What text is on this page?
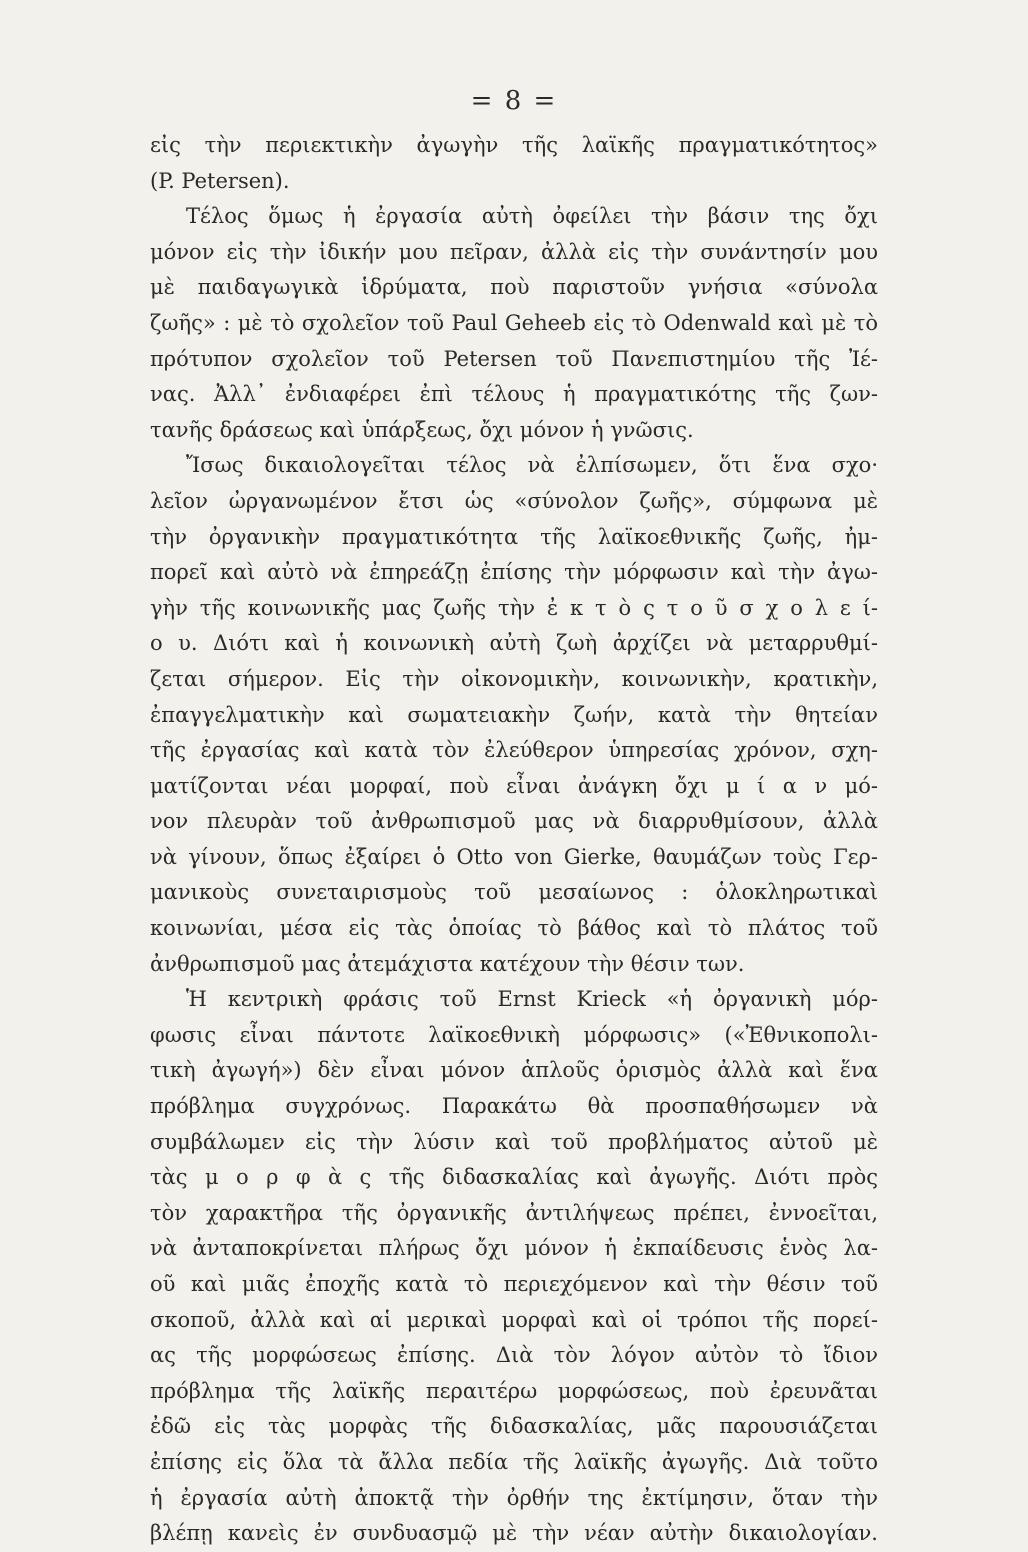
= 8 =
εἰς τὴν περιεκτικὴν ἀγωγὴν τῆς λαϊκῆς πραγματικότητος»
(P. Petersen).
Τέλος ὅμως ἡ ἐργασία αὐτὴ ὀφείλει τὴν βάσιν της ὄχι
μόνον εἰς τὴν ἰδικήν μου πεῖραν, ἀλλὰ εἰς τὴν συνάντησίν μου
μὲ παιδαγωγικὰ ἱδρύματα, ποὺ παριστοῦν γνήσια «σύνολα
ζωῆς» : μὲ τὸ σχολεῖον τοῦ Paul Geheeb εἰς τὸ Odenwald καὶ μὲ τὸ
πρότυπον σχολεῖον τοῦ Petersen τοῦ Πανεπιστημίου τῆς Ἰέ-
νας. Ἀλλ᾿ ἐνδιαφέρει ἐπὶ τέλους ἡ πραγματικότης τῆς ζων-
τανῆς δράσεως καὶ ὑπάρξεως, ὄχι μόνον ἡ γνῶσις.
Ἴσως δικαιολογεῖται τέλος νὰ ἐλπίσωμεν, ὅτι ἕνα σχο·
λεῖον ὠργανωμένον ἔτσι ὡς «σύνολον ζωῆς», σύμφωνα μὲ
τὴν ὀργανικὴν πραγματικότητα τῆς λαϊκοεθνικῆς ζωῆς, ἠμ-
πορεῖ καὶ αὐτὸ νὰ ἐπηρεάζῃ ἐπίσης τὴν μόρφωσιν καὶ τὴν ἀγω-
γὴν τῆς κοινωνικῆς μας ζωῆς τὴν ἐ κ τ ὸ ς τ ο ῦ σ χ ο λ ε ί-
ο υ. Διότι καὶ ἡ κοινωνικὴ αὐτὴ ζωὴ ἀρχίζει νὰ μεταρρυθμί-
ζεται σήμερον. Εἰς τὴν οἰκονομικὴν, κοινωνικὴν, κρατικὴν,
ἐπαγγελματικὴν καὶ σωματειακὴν ζωήν, κατὰ τὴν θητείαν
τῆς ἐργασίας καὶ κατὰ τὸν ἐλεύθερον ὑπηρεσίας χρόνον, σχη-
ματίζονται νέαι μορφαί, ποὺ εἶναι ἀνάγκη ὄχι μ ί α ν μό-
νον πλευρὰν τοῦ ἀνθρωπισμοῦ μας νὰ διαρρυθμίσουν, ἀλλὰ
νὰ γίνουν, ὅπως ἐξαίρει ὁ Otto von Gierke, θαυμάζων τοὺς Γερ-
μανικοὺς συνεταιρισμοὺς τοῦ μεσαίωνος : ὁλοκληρωτικαὶ
κοινωνίαι, μέσα εἰς τὰς ὁποίας τὸ βάθος καὶ τὸ πλάτος τοῦ
ἀνθρωπισμοῦ μας ἀτεμάχιστα κατέχουν τὴν θέσιν των.
Ἡ κεντρικὴ φράσις τοῦ Ernst Krieck «ἡ ὀργανικὴ μόρ-
φωσις εἶναι πάντοτε λαϊκοεθνικὴ μόρφωσις» («Ἐθνικοπολι-
τικὴ ἀγωγή») δὲν εἶναι μόνον ἁπλοῦς ὁρισμὸς ἀλλὰ καὶ ἕνα
πρόβλημα συγχρόνως. Παρακάτω θὰ προσπαθήσωμεν νὰ
συμβάλωμεν εἰς τὴν λύσιν καὶ τοῦ προβλήματος αὐτοῦ μὲ
τὰς μ ο ρ φ ὰ ς τῆς διδασκαλίας καὶ ἀγωγῆς. Διότι πρὸς
τὸν χαρακτῆρα τῆς ὀργανικῆς ἀντιλήψεως πρέπει, ἐννοεῖται,
νὰ ἀνταποκρίνεται πλήρως ὄχι μόνον ἡ ἐκπαίδευσις ἑνὸς λα-
οῦ καὶ μιᾶς ἐποχῆς κατὰ τὸ περιεχόμενον καὶ τὴν θέσιν τοῦ
σκοποῦ, ἀλλὰ καὶ αἱ μερικαὶ μορφαὶ καὶ οἱ τρόποι τῆς πορεί-
ας τῆς μορφώσεως ἐπίσης. Διὰ τὸν λόγον αὐτὸν τὸ ἴδιον
πρόβλημα τῆς λαϊκῆς περαιτέρω μορφώσεως, ποὺ ἐρευνᾶται
ἐδῶ εἰς τὰς μορφὰς τῆς διδασκαλίας, μᾶς παρουσιάζεται
ἐπίσης εἰς ὅλα τὰ ἄλλα πεδία τῆς λαϊκῆς ἀγωγῆς. Διὰ τοῦτο
ἡ ἐργασία αὐτὴ ἀποκτᾷ τὴν ὀρθήν της ἐκτίμησιν, ὅταν τὴν
βλέπῃ κανεὶς ἐν συνδυασμῷ μὲ τὴν νέαν αὐτὴν δικαιολογίαν.
